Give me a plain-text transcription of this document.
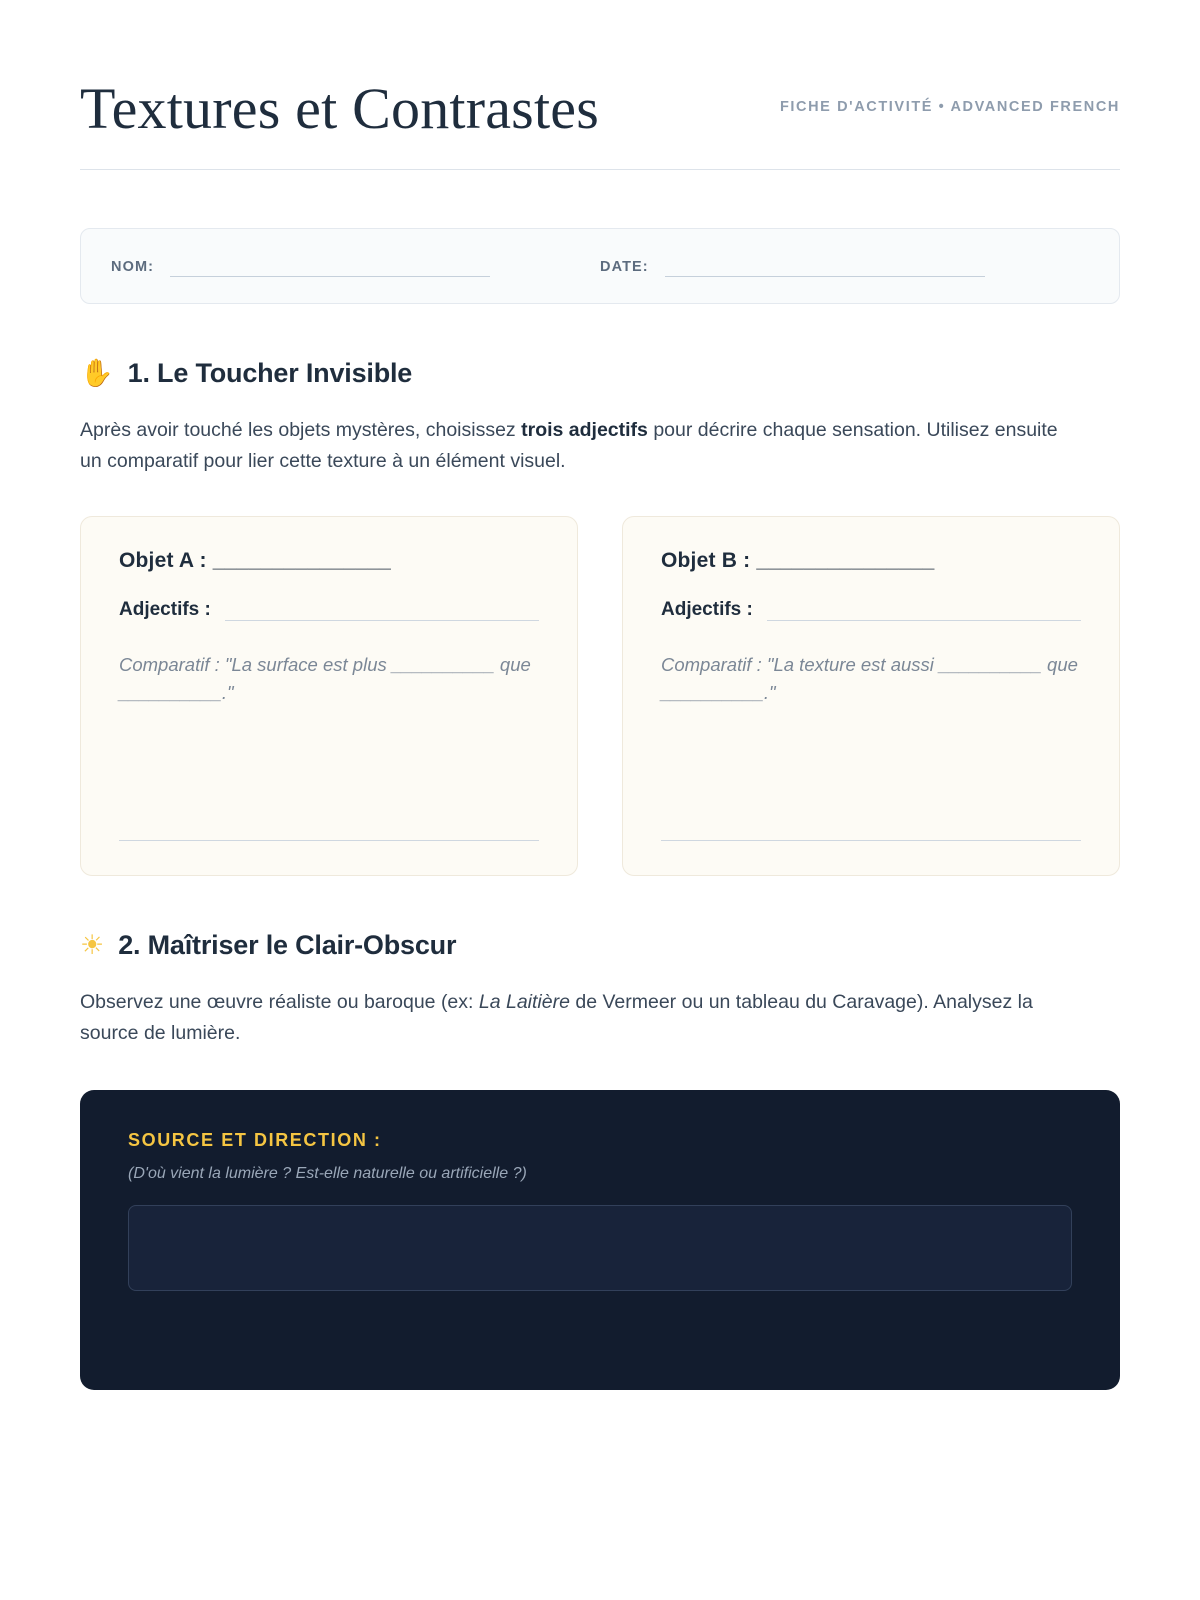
Textures et Contrastes	FICHE D'ACTIVITÉ • ADVANCED FRENCH
NOM:	DATE:
✋ 1. Le Toucher Invisible

Après avoir touché les objets mystères, choisissez trois adjectifs pour décrire chaque sensation. Utilisez ensuite un comparatif pour lier cette texture à un élément visuel.

Objet A : _______________
Adjectifs :
Comparatif : "La surface est plus __________ que __________."
Objet B : _______________
Adjectifs :
Comparatif : "La texture est aussi __________ que __________."
☀ 2. Maîtriser le Clair-Obscur

Observez une œuvre réaliste ou baroque (ex: La Laitière de Vermeer ou un tableau du Caravage). Analysez la source de lumière.

SOURCE ET DIRECTION :
(D'où vient la lumière ? Est-elle naturelle ou artificielle ?)
